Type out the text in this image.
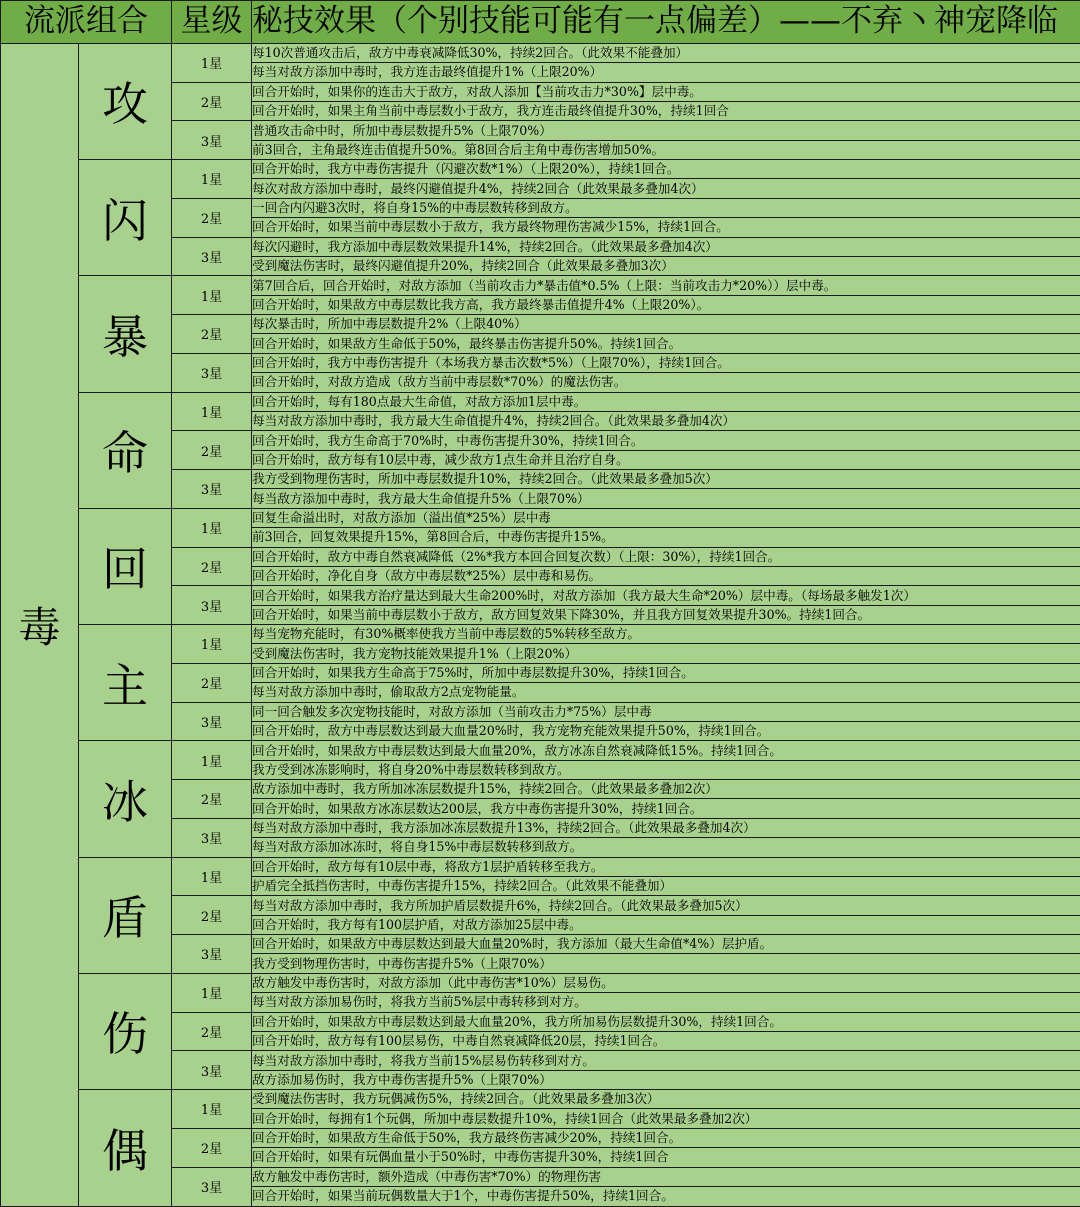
流派组合		星级	秘技效果（个别技能可能有一点偏差）——不弃丶神宠降临
毒	攻	1星	每10次普通攻击后，敌方中毒衰减降低30%，持续2回合。（此效果不能叠加）
			每当对敌方添加中毒时，我方连击最终值提升1%（上限20%）
		2星	回合开始时，如果你的连击大于敌方，对敌人添加【当前攻击力*30%】层中毒。
			回合开始时，如果主角当前中毒层数小于敌方，我方连击最终值提升30%，持续1回合
		3星	普通攻击命中时，所加中毒层数提升5%（上限70%）
			前3回合，主角最终连击值提升50%。第8回合后主角中毒伤害增加50%。
	闪	1星	回合开始时，我方中毒伤害提升（闪避次数*1%）（上限20%），持续1回合。
			每次对敌方添加中毒时，最终闪避值提升4%，持续2回合（此效果最多叠加4次）
		2星	一回合内闪避3次时，将自身15%的中毒层数转移到敌方。
			回合开始时，如果当前中毒层数小于敌方，我方最终物理伤害减少15%，持续1回合。
		3星	每次闪避时，我方添加中毒层数效果提升14%，持续2回合。（此效果最多叠加4次）
			受到魔法伤害时，最终闪避值提升20%，持续2回合（此效果最多叠加3次）
	暴	1星	第7回合后，回合开始时，对敌方添加（当前攻击力*暴击值*0.5%（上限：当前攻击力*20%））层中毒。
			回合开始时，如果敌方中毒层数比我方高，我方最终暴击值提升4%（上限20%）。
		2星	每次暴击时，所加中毒层数提升2%（上限40%）
			回合开始时，如果敌方生命低于50%，最终暴击伤害提升50%。持续1回合。
		3星	回合开始时，我方中毒伤害提升（本场我方暴击次数*5%）（上限70%），持续1回合。
			回合开始时，对敌方造成（敌方当前中毒层数*70%）的魔法伤害。
	命	1星	回合开始时，每有180点最大生命值，对敌方添加1层中毒。
			每当对敌方添加中毒时，我方最大生命值提升4%，持续2回合。（此效果最多叠加4次）
		2星	回合开始时，我方生命高于70%时，中毒伤害提升30%，持续1回合。
			回合开始时，敌方每有10层中毒，减少敌方1点生命并且治疗自身。
		3星	我方受到物理伤害时，所加中毒层数提升10%，持续2回合。（此效果最多叠加5次）
			每当敌方添加中毒时，我方最大生命值提升5%（上限70%）
	回	1星	回复生命溢出时，对敌方添加（溢出值*25%）层中毒
			前3回合，回复效果提升15%，第8回合后，中毒伤害提升15%。
		2星	回合开始时，敌方中毒自然衰减降低（2%*我方本回合回复次数）（上限：30%），持续1回合。
			回合开始时，净化自身（敌方中毒层数*25%）层中毒和易伤。
		3星	回合开始时，如果我方治疗量达到最大生命200%时，对敌方添加（我方最大生命*20%）层中毒。（每场最多触发1次）
			回合开始时，如果当前中毒层数小于敌方，敌方回复效果下降30%，并且我方回复效果提升30%。持续1回合。
	主	1星	每当宠物充能时，有30%概率使我方当前中毒层数的5%转移至敌方。
			受到魔法伤害时，我方宠物技能效果提升1%（上限20%）
		2星	回合开始时，如果我方生命高于75%时，所加中毒层数提升30%，持续1回合。
			每当对敌方添加中毒时，偷取敌方2点宠物能量。
		3星	同一回合触发多次宠物技能时，对敌方添加（当前攻击力*75%）层中毒
			回合开始时，敌方中毒层数达到最大血量20%时，我方宠物充能效果提升50%，持续1回合。
	冰	1星	回合开始时，如果敌方中毒层数达到最大血量20%，敌方冰冻自然衰减降低15%。持续1回合。
			我方受到冰冻影响时，将自身20%中毒层数转移到敌方。
		2星	敌方添加中毒时，我方所加冰冻层数提升15%，持续2回合。（此效果最多叠加2次）
			回合开始时，如果敌方冰冻层数达200层，我方中毒伤害提升30%，持续1回合。
		3星	每当对敌方添加中毒时，我方添加冰冻层数提升13%，持续2回合。（此效果最多叠加4次）
			每当对敌方添加冰冻时，将自身15%中毒层数转移到敌方。
	盾	1星	回合开始时，敌方每有10层中毒，将敌方1层护盾转移至我方。
			护盾完全抵挡伤害时，中毒伤害提升15%，持续2回合。（此效果不能叠加）
		2星	每当对敌方添加中毒时，我方所加护盾层数提升6%，持续2回合。（此效果最多叠加5次）
			回合开始时，我方每有100层护盾，对敌方添加25层中毒。
		3星	回合开始时，如果敌方中毒层数达到最大血量20%时，我方添加（最大生命值*4%）层护盾。
			我方受到物理伤害时，中毒伤害提升5%（上限70%）
	伤	1星	敌方触发中毒伤害时，对敌方添加（此中毒伤害*10%）层易伤。
			每当对敌方添加易伤时，将我方当前5%层中毒转移到对方。
		2星	回合开始时，如果敌方中毒层数达到最大血量20%，我方所加易伤层数提升30%，持续1回合。
			回合开始时，敌方每有100层易伤，中毒自然衰减降低20层，持续1回合。
		3星	每当对敌方添加中毒时，将我方当前15%层易伤转移到对方。
			敌方添加易伤时，我方中毒伤害提升5%（上限70%）
	偶	1星	受到魔法伤害时，我方玩偶减伤5%，持续2回合。（此效果最多叠加3次）
			回合开始时，每拥有1个玩偶，所加中毒层数提升10%，持续1回合（此效果最多叠加2次）
		2星	回合开始时，如果敌方生命低于50%，我方最终伤害减少20%，持续1回合。
			回合开始时，如果有玩偶血量小于50%时，中毒伤害提升30%，持续1回合
		3星	敌方触发中毒伤害时，额外造成（中毒伤害*70%）的物理伤害
			回合开始时，如果当前玩偶数量大于1个，中毒伤害提升50%，持续1回合。
